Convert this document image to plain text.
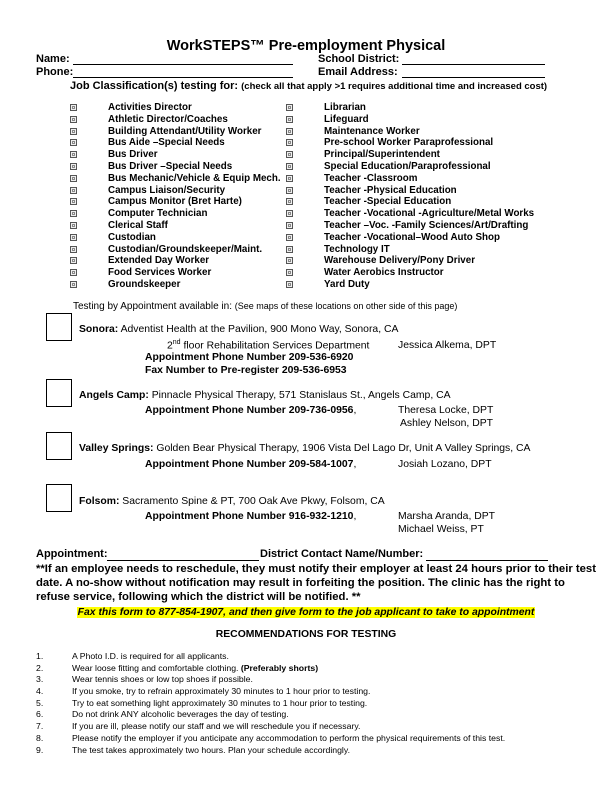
WorkSTEPS™ Pre-employment Physical
Name:
Phone:
School District:
Email Address:
Job Classification(s) testing for: (check all that apply >1 requires additional time and increased cost)
Activities Director
Athletic Director/Coaches
Building Attendant/Utility Worker
Bus Aide –Special Needs
Bus Driver
Bus Driver –Special Needs
Bus Mechanic/Vehicle & Equip Mech.
Campus Liaison/Security
Campus Monitor (Bret Harte)
Computer Technician
Clerical Staff
Custodian
Custodian/Groundskeeper/Maint.
Extended Day Worker
Food Services Worker
Groundskeeper
Librarian
Lifeguard
Maintenance Worker
Pre-school Worker Paraprofessional
Principal/Superintendent
Special Education/Paraprofessional
Teacher -Classroom
Teacher -Physical Education
Teacher -Special Education
Teacher -Vocational -Agriculture/Metal Works
Teacher –Voc. -Family Sciences/Art/Drafting
Teacher -Vocational–Wood Auto Shop
Technology IT
Warehouse Delivery/Pony Driver
Water Aerobics Instructor
Yard Duty
Testing by Appointment available in: (See maps of these locations on other side of this page)
Sonora: Adventist Health at the Pavilion, 900 Mono Way, Sonora, CA
2nd floor Rehabilitation Services Department	Jessica Alkema, DPT
Appointment Phone Number 209-536-6920
Fax Number to Pre-register 209-536-6953
Angels Camp: Pinnacle Physical Therapy, 571 Stanislaus St., Angels Camp, CA
Appointment Phone Number 209-736-0956,	Theresa Locke, DPT
Ashley Nelson, DPT
Valley Springs: Golden Bear Physical Therapy, 1906 Vista Del Lago Dr, Unit A Valley Springs, CA
Appointment Phone Number 209-584-1007,	Josiah Lozano, DPT
Folsom: Sacramento Spine & PT, 700 Oak Ave Pkwy, Folsom, CA
Appointment Phone Number 916-932-1210,	Marsha Aranda, DPT
Michael Weiss, PT
Appointment:	District Contact Name/Number:
**If an employee needs to reschedule, they must notify their employer at least 24 hours prior to their test date. A no-show without notification may result in forfeiting the position. The clinic has the right to refuse service, following which the district will be notified. **
Fax this form to 877-854-1907, and then give form to the job applicant to take to appointment
RECOMMENDATIONS FOR TESTING
1.	A Photo I.D. is required for all applicants.
2.	Wear loose fitting and comfortable clothing. (Preferably shorts)
3.	Wear tennis shoes or low top shoes if possible.
4.	If you smoke, try to refrain approximately 30 minutes to 1 hour prior to testing.
5.	Try to eat something light approximately 30 minutes to 1 hour prior to testing.
6.	Do not drink ANY alcoholic beverages the day of testing.
7.	If you are ill, please notify our staff and we will reschedule you if necessary.
8.	Please notify the employer if you anticipate any accommodation to perform the physical requirements of this test.
9.	The test takes approximately two hours. Plan your schedule accordingly.
